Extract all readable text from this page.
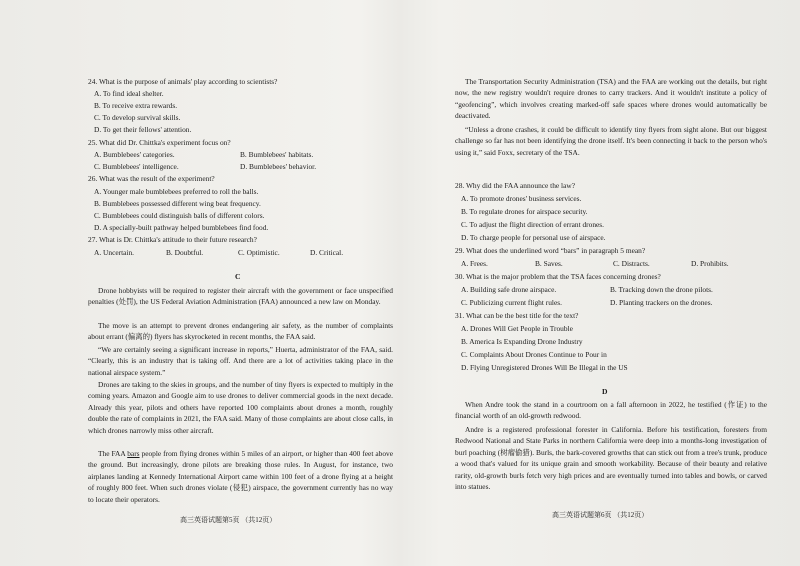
24. What is the purpose of animals' play according to scientists?
A. To find ideal shelter.
B. To receive extra rewards.
C. To develop survival skills.
D. To get their fellows' attention.
25. What did Dr. Chittka's experiment focus on?
A. Bumblebees' categories.	B. Bumblebees' habitats.
C. Bumblebees' intelligence.	D. Bumblebees' behavior.
26. What was the result of the experiment?
A. Younger male bumblebees preferred to roll the balls.
B. Bumblebees possessed different wing beat frequency.
C. Bumblebees could distinguish balls of different colors.
D. A specially-built pathway helped bumblebees find food.
27. What is Dr. Chittka's attitude to their future research?
A. Uncertain.	B. Doubtful.	C. Optimistic.	D. Critical.
C
Drone hobbyists will be required to register their aircraft with the government or face unspecified penalties (处罚), the US Federal Aviation Administration (FAA) announced a new law on Monday.
The move is an attempt to prevent drones endangering air safety, as the number of complaints about errant (偏离的) flyers has skyrocketed in recent months, the FAA said.
“We are certainly seeing a significant increase in reports,” Huerta, administrator of the FAA, said. “Clearly, this is an industry that is taking off. And there are a lot of activities taking place in the national airspace system.”
Drones are taking to the skies in groups, and the number of tiny flyers is expected to multiply in the coming years. Amazon and Google aim to use drones to deliver commercial goods in the next decade. Already this year, pilots and others have reported 100 complaints about drones a month, roughly double the rate of complaints in 2021, the FAA said. Many of those complaints are about close calls, in which drones narrowly miss other aircraft.
The FAA bars people from flying drones within 5 miles of an airport, or higher than 400 feet above the ground. But increasingly, drone pilots are breaking those rules. In August, for instance, two airplanes landing at Kennedy International Airport came within 100 feet of a drone flying at a height of roughly 800 feet. When such drones violate (侵犯) airspace, the government currently has no way to locate their operators.
高三英语试题第5页 （共12页）
The Transportation Security Administration (TSA) and the FAA are working out the details, but right now, the new registry wouldn't require drones to carry trackers. And it wouldn't institute a policy of “geofencing”, which involves creating marked-off safe spaces where drones would automatically be deactivated.
“Unless a drone crashes, it could be difficult to identify tiny flyers from sight alone. But our biggest challenge so far has not been identifying the drone itself. It's been connecting it back to the person who's using it,” said Foxx, secretary of the TSA.
28. Why did the FAA announce the law?
A. To promote drones' business services.
B. To regulate drones for airspace security.
C. To adjust the flight direction of errant drones.
D. To charge people for personal use of airspace.
29. What does the underlined word “bars” in paragraph 5 mean?
A. Frees.	B. Saves.	C. Distracts.	D. Prohibits.
30. What is the major problem that the TSA faces concerning drones?
A. Building safe drone airspace.	B. Tracking down the drone pilots.
C. Publicizing current flight rules.	D. Planting trackers on the drones.
31. What can be the best title for the text?
A. Drones Will Get People in Trouble
B. America Is Expanding Drone Industry
C. Complaints About Drones Continue to Pour in
D. Flying Unregistered Drones Will Be Illegal in the US
D
When Andre took the stand in a courtroom on a fall afternoon in 2022, he testified (作证) to the financial worth of an old-growth redwood.
Andre is a registered professional forester in California. Before his testification, foresters from Redwood National and State Parks in northern California were deep into a months-long investigation of burl poaching (树瘤偷猎). Burls, the bark-covered growths that can stick out from a tree's trunk, produce a wood that's valued for its unique grain and smooth workability. Because of their beauty and relative rarity, old-growth burls fetch very high prices and are eventually turned into tables and bowls, or carved into statues.
高三英语试题第6页 （共12页）
